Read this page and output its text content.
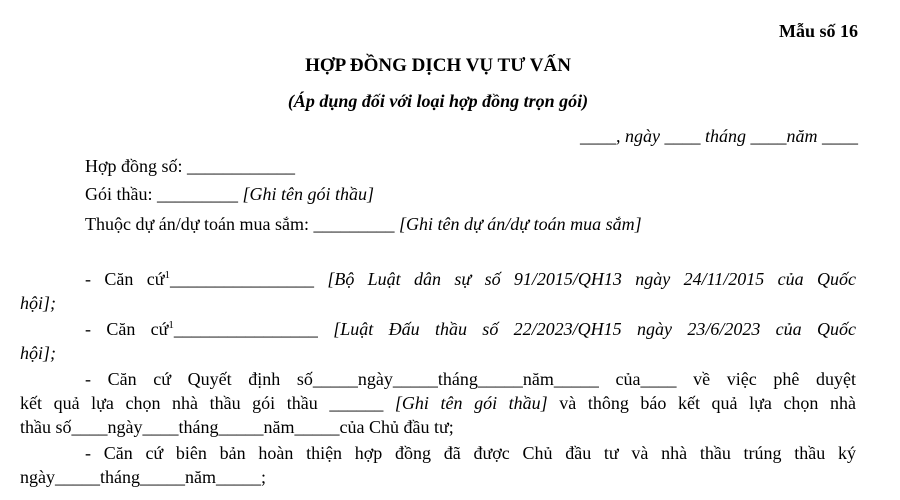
Mẫu số 16
HỢP ĐỒNG DỊCH VỤ TƯ VẤN
(Áp dụng đối với loại hợp đồng trọn gói)
____, ngày ____ tháng ____năm ____
Hợp đồng số: ____________
Gói thầu: _________ [Ghi tên gói thầu]
Thuộc dự án/dự toán mua sắm: _________ [Ghi tên dự án/dự toán mua sắm]
- Căn cứ$^1$________________ [Bộ Luật dân sự số 91/2015/QH13 ngày 24/11/2015 của Quốc
hội];
- Căn cứ$^1$________________ [Luật Đấu thầu số 22/2023/QH15 ngày 23/6/2023 của Quốc
hội];
- Căn cứ Quyết định số_____ngày_____tháng_____năm_____ của____ về việc phê duyệt
kết quả lựa chọn nhà thầu gói thầu ______ [Ghi tên gói thầu] và thông báo kết quả lựa chọn nhà
thầu số____ngày____tháng_____năm_____của Chủ đầu tư;
- Căn cứ biên bản hoàn thiện hợp đồng đã được Chủ đầu tư và nhà thầu trúng thầu ký
ngày_____tháng_____năm_____;
